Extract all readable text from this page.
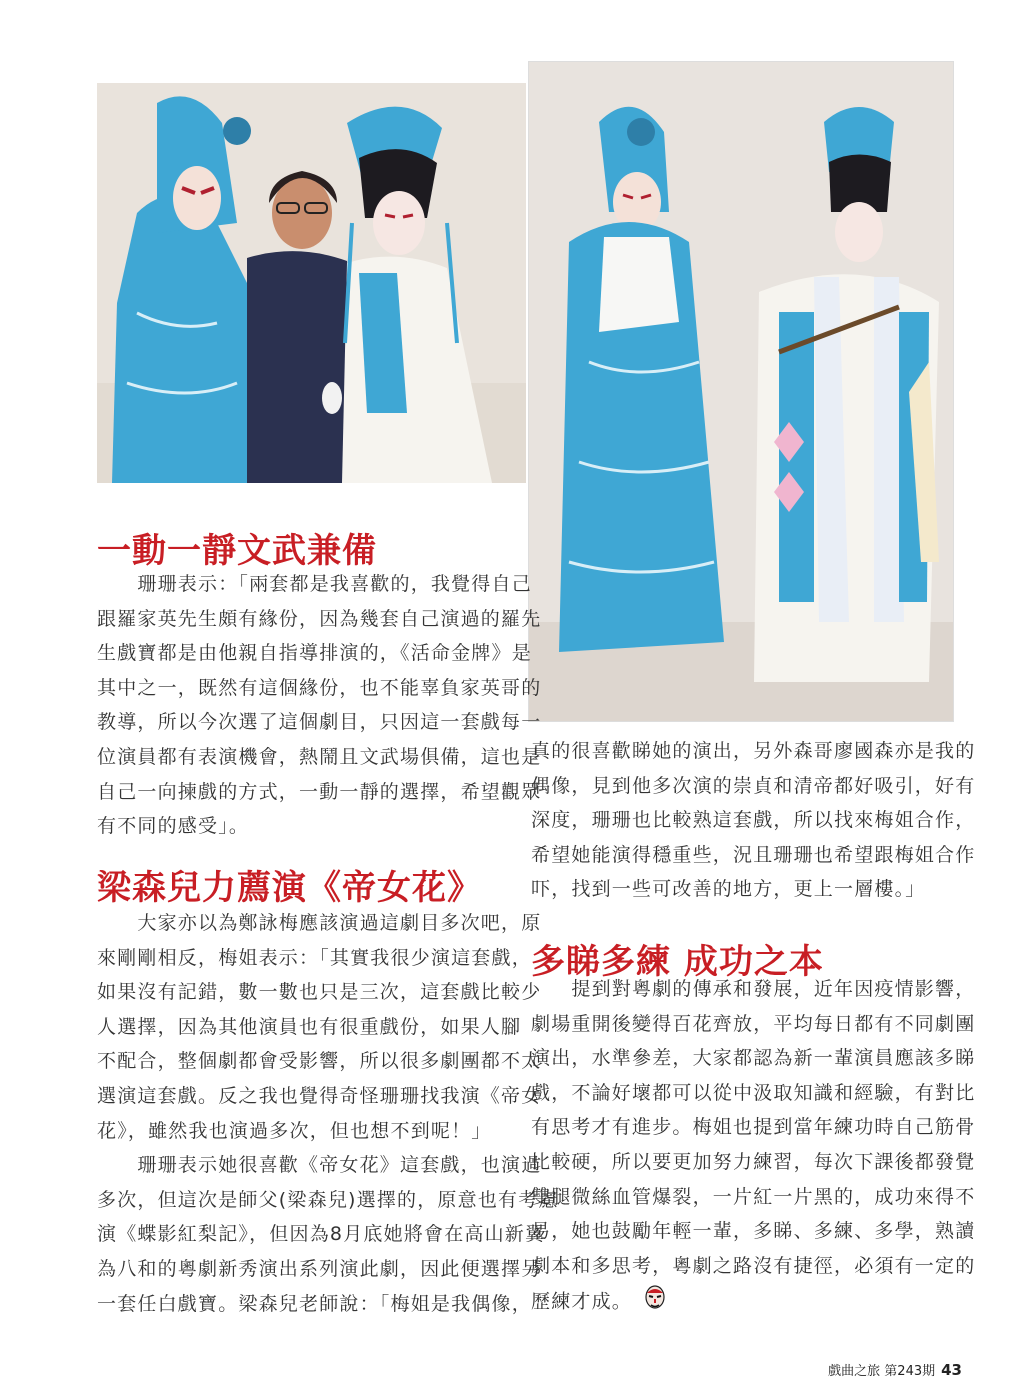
一動一靜文武兼備

　　珊珊表示：「兩套都是我喜歡的，我覺得自己

跟羅家英先生頗有緣份，因為幾套自己演過的羅先

生戲寶都是由他親自指導排演的，《活命金牌》是

其中之一，既然有這個緣份，也不能辜負家英哥的

教導，所以今次選了這個劇目，只因這一套戲每一

位演員都有表演機會，熱鬧且文武場俱備，這也是

自己一向揀戲的方式，一動一靜的選擇，希望觀眾

有不同的感受」。

梁森兒力薦演《帝女花》

　　大家亦以為鄭詠梅應該演過這劇目多次吧，原

來剛剛相反，梅姐表示：「其實我很少演這套戲，

如果沒有記錯，數一數也只是三次，這套戲比較少

人選擇，因為其他演員也有很重戲份，如果人腳

不配合，整個劇都會受影響，所以很多劇團都不太

選演這套戲。反之我也覺得奇怪珊珊找我演《帝女

花》，雖然我也演過多次，但也想不到呢！」

　　珊珊表示她很喜歡《帝女花》這套戲，也演過

多次，但這次是師父(梁森兒)選擇的，原意也有考慮

演《蝶影紅梨記》，但因為8月底她將會在高山新翼

為八和的粵劇新秀演出系列演此劇，因此便選擇另

一套任白戲寶。梁森兒老師說：「梅姐是我偶像，

真的很喜歡睇她的演出，另外森哥廖國森亦是我的

偶像，見到他多次演的崇貞和清帝都好吸引，好有

深度，珊珊也比較熟這套戲，所以找來梅姐合作，

希望她能演得穩重些，況且珊珊也希望跟梅姐合作

吓，找到一些可改善的地方，更上一層樓。」

多睇多練 成功之本

　　提到對粵劇的傳承和發展，近年因疫情影響，

劇場重開後變得百花齊放，平均每日都有不同劇團

演出，水準參差，大家都認為新一輩演員應該多睇

戲，不論好壞都可以從中汲取知識和經驗，有對比

有思考才有進步。梅姐也提到當年練功時自己筋骨

比較硬，所以要更加努力練習，每次下課後都發覺

雙腿微絲血管爆裂，一片紅一片黑的，成功來得不

易，她也鼓勵年輕一輩，多睇、多練、多學，熟讀

劇本和多思考，粵劇之路沒有捷徑，必須有一定的

歷練才成。

戲曲之旅 第243期 43
